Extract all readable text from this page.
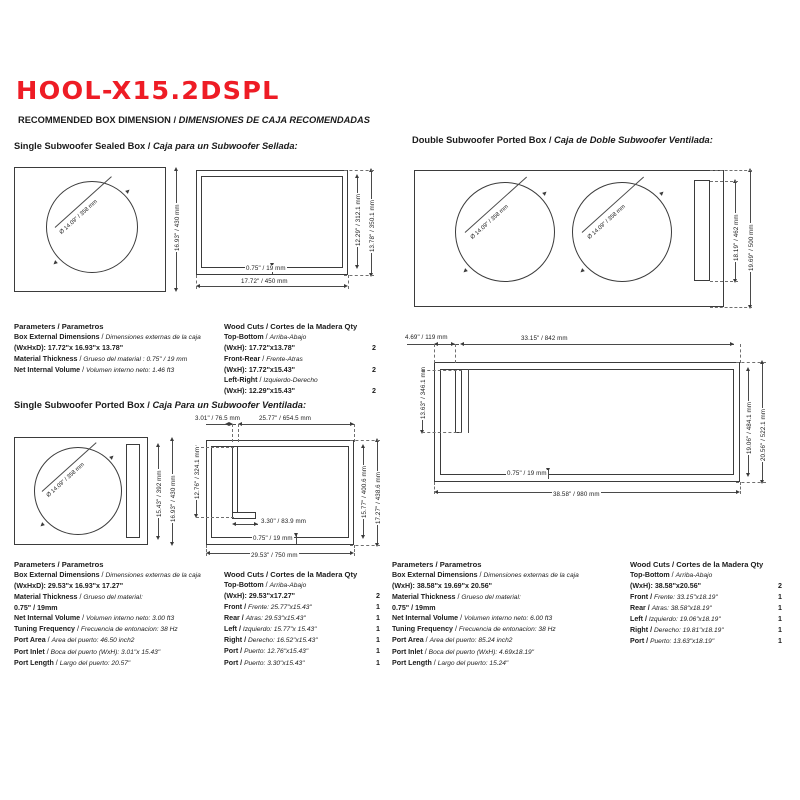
HOOL-X15.2DSPL
RECOMMENDED BOX DIMENSION / DIMENSIONES DE CAJA RECOMENDADAS
Single Subwoofer Sealed Box / Caja para un Subwoofer Sellada:
Ø 14.09" / 358 mm	16.93" / 430 mm
17.72" / 450 mm
0.75" / 19 mm
12.29" / 312.1 mm 13.78" / 350.1 mm
Parameters / Parametros
Box External Dimensions / Dimensiones externas de la caja
(WxHxD): 17.72"x 16.93"x 13.78"
Material Thickness / Grueso del material : 0.75" / 19 mm
Net Internal Volume / Volumen interno neto: 1.46 ft3
Wood Cuts / Cortes de la Madera Qty
Top-Bottom / Arriba-Abajo
(WxH): 17.72"x13.78"	2
Front-Rear / Frente-Atras
(WxH): 17.72"x15.43"	2
Left-Right / Izquierdo-Derecho
(WxH): 12.29"x15.43"	2
Single Subwoofer Ported Box / Caja Para un Subwoofer Ventilada:
Ø 14.09" / 358 mm	15.43" / 392 mm 16.93" / 430 mm
3.01" / 76.5 mm	25.77" / 654.5 mm
12.76" / 324.1 mm
3.30" / 83.9 mm
0.75" / 19 mm
29.53" / 750 mm
15.77" / 400.6 mm 17.27" / 438.6 mm
Parameters / Parametros
Box External Dimensions / Dimensiones externas de la caja
(WxHxD): 29.53"x 16.93"x 17.27"
Material Thickness / Grueso del material:
0.75" / 19mm
Net Internal Volume / Volumen interno neto: 3.00 ft3
Tuning Frequency / Frecuencia de entonacion: 38 Hz
Port Area / Area del puerto: 46.50 inch2
Port Inlet / Boca del puerto (WxH): 3.01"x 15.43"
Port Length / Largo del puerto: 20.57"
Wood Cuts / Cortes de la Madera Qty
Top-Bottom / Arriba-Abajo
(WxH): 29.53"x17.27"	2
Front / Frente: 25.77"x15.43"	1
Rear / Atras: 29.53"x15.43"	1
Left / Izquierdo: 15.77"x 15.43"	1
Right / Derecho: 16.52"x15.43"	1
Port / Puerto: 12.76"x15.43"	1
Port / Puerto: 3.30"x15.43"	1
Double Subwoofer Ported Box / Caja de Doble Subwoofer Ventilada:
Ø 14.09" / 358 mm	Ø 14.09" / 358 mm	18.19" / 462 mm 19.69" / 500 mm
4.69" / 119 mm	33.15" / 842 mm
13.63" / 346.1 mm
0.75" / 19 mm
38.58" / 980 mm
19.06" / 484.1 mm 20.56" / 522.1 mm
Parameters / Parametros
Box External Dimensions / Dimensiones externas de la caja
(WxH): 38.58"x 19.69"x 20.56"
Material Thickness / Grueso del material:
0.75" / 19mm
Net Internal Volume / Volumen interno neto: 6.00 ft3
Tuning Frequency / Frecuencia de entonacion: 38 Hz
Port Area / Area del puerto: 85.24 inch2
Port Inlet / Boca del puerto (WxH): 4.69x18.19"
Port Length / Largo del puerto: 15.24"
Wood Cuts / Cortes de la Madera Qty
Top-Bottom / Arriba-Abajo
(WxH): 38.58"x20.56"	2
Front / Frente: 33.15"x18.19"	1
Rear / Atras: 38.58"x18.19"	1
Left / Izquierdo: 19.06"x18.19"	1
Right / Derecho: 19.81"x18.19"	1
Port / Puerto: 13.63"x18.19"	1
